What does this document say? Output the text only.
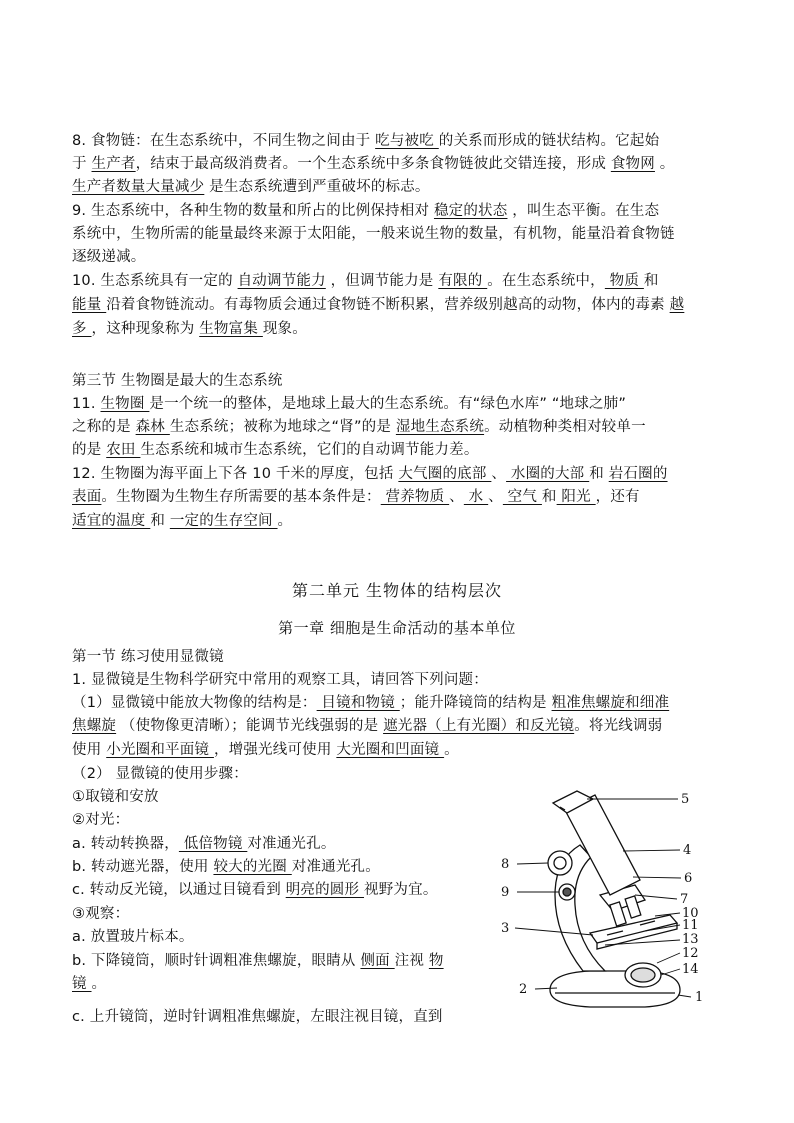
8. 食物链：在生态系统中，不同生物之间由于 吃与被吃 的关系而形成的链状结构。它起始
于 生产者，结束于最高级消费者。一个生态系统中多条食物链彼此交错连接，形成 食物网 。
生产者数量大量减少 是生态系统遭到严重破坏的标志。
9. 生态系统中，各种生物的数量和所占的比例保持相对 稳定的状态 ，叫生态平衡。在生态
系统中，生物所需的能量最终来源于太阳能，一般来说生物的数量，有机物，能量沿着食物链
逐级递减。
10. 生态系统具有一定的 自动调节能力 ，但调节能力是 有限的 。在生态系统中， 物质 和
能量 沿着食物链流动。有毒物质会通过食物链不断积累，营养级别越高的动物，体内的毒素 越
多 ，这种现象称为 生物富集 现象。
第三节 生物圈是最大的生态系统
11. 生物圈 是一个统一的整体，是地球上最大的生态系统。有“绿色水库” “地球之肺”
之称的是 森林 生态系统；被称为地球之“肾”的是 湿地生态系统。动植物种类相对较单一
的是 农田 生态系统和城市生态系统，它们的自动调节能力差。
12. 生物圈为海平面上下各 10 千米的厚度，包括 大气圈的底部 、 水圈的大部 和 岩石圈的
表面。生物圈为生物生存所需要的基本条件是： 营养物质 、 水 、 空气 和 阳光 ，还有
适宜的温度 和 一定的生存空间 。
第一节 练习使用显微镜
1. 显微镜是生物科学研究中常用的观察工具，请回答下列问题：
（1）显微镜中能放大物像的结构是： 目镜和物镜 ；能升降镜筒的结构是 粗准焦螺旋和细准
焦螺旋 （使物像更清晰）；能调节光线强弱的是 遮光器（上有光圈）和反光镜。将光线调弱
使用 小光圈和平面镜 ，增强光线可使用 大光圈和凹面镜 。
（2） 显微镜的使用步骤：
①取镜和安放
②对光：
a. 转动转换器， 低倍物镜 对准通光孔。
b. 转动遮光器，使用 较大的光圈 对准通光孔。
c. 转动反光镜，以通过目镜看到 明亮的圆形 视野为宜。
③观察：
a. 放置玻片标本。
b. 下降镜筒，顺时针调粗准焦螺旋，眼睛从 侧面 注视 物
镜 。
c. 上升镜筒，逆时针调粗准焦螺旋，左眼注视目镜，直到
第二单元 生物体的结构层次
第一章 细胞是生命活动的基本单位
1
2
3
4
5
6
7
8
9
10
11
12
13
14
